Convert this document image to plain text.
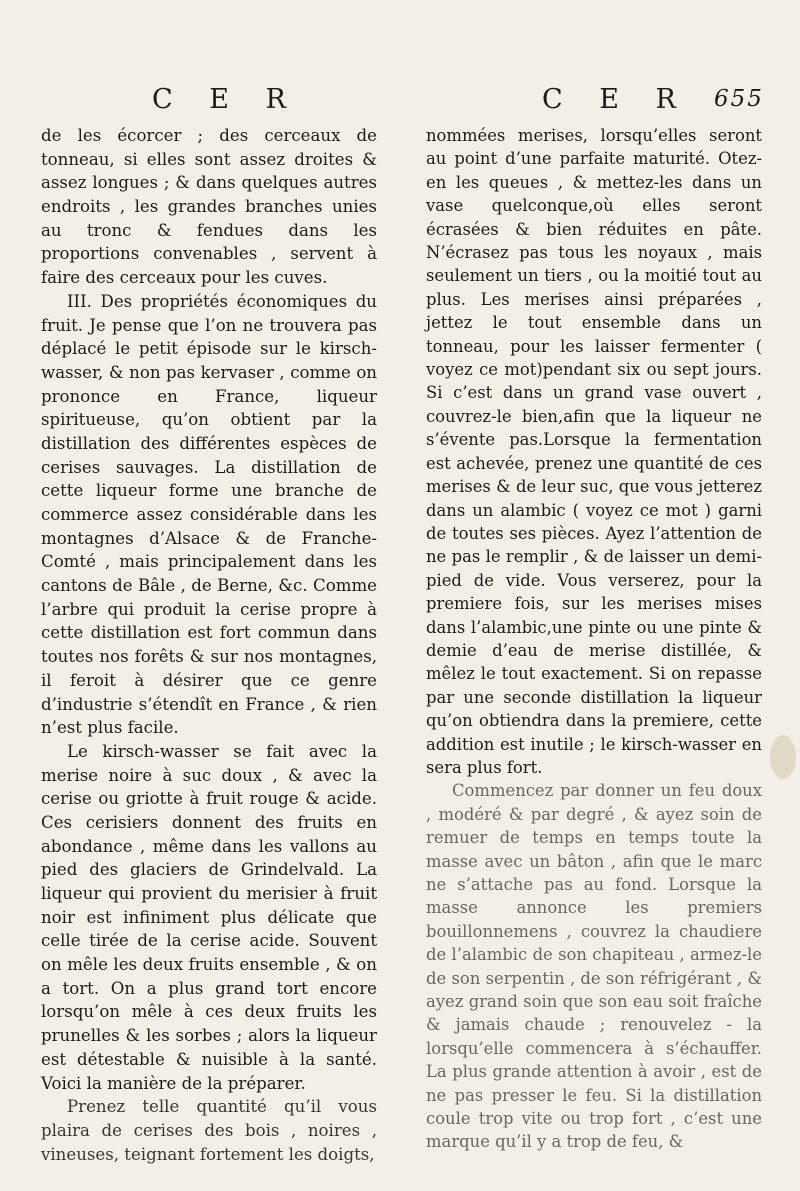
C E R	C E R 655

de les écorcer ; des cerceaux de tonneau, si elles sont assez droites & assez longues ; & dans quelques autres endroits , les grandes branches unies au tronc & fendues dans les proportions convenables , servent à faire des cerceaux pour les cuves.

III. Des propriétés économiques du fruit. Je pense que l’on ne trouvera pas déplacé le petit épisode sur le kirsch-wasser, & non pas kervaser , comme on prononce en France, liqueur spiritueuse, qu’on obtient par la distillation des différentes espèces de cerises sauvages. La distillation de cette liqueur forme une branche de commerce assez considérable dans les montagnes d’Alsace & de Franche-Comté , mais principalement dans les cantons de Bâle , de Berne, &c. Comme l’arbre qui produit la cerise propre à cette distillation est fort commun dans toutes nos forêts & sur nos montagnes, il feroit à désirer que ce genre d’industrie s’étendît en France , & rien n’est plus facile.

Le kirsch-wasser se fait avec la merise noire à suc doux , & avec la cerise ou griotte à fruit rouge & acide. Ces cerisiers donnent des fruits en abondance , même dans les vallons au pied des glaciers de Grindelvald. La liqueur qui provient du merisier à fruit noir est infiniment plus délicate que celle tirée de la cerise acide. Souvent on mêle les deux fruits ensemble , & on a tort. On a plus grand tort encore lorsqu’on mêle à ces deux fruits les prunelles & les sorbes ; alors la liqueur est détestable & nuisible à la santé. Voici la manière de la préparer.

Prenez telle quantité qu’il vous plaira de cerises des bois , noires , vineuses, teignant fortement les doigts,

nommées merises, lorsqu’elles seront au point d’une parfaite maturité. Otez-en les queues , & mettez-les dans un vase quelconque,où elles seront écrasées & bien réduites en pâte. N’écrasez pas tous les noyaux , mais seulement un tiers , ou la moitié tout au plus. Les merises ainsi préparées , jettez le tout ensemble dans un tonneau, pour les laisser fermenter ( voyez ce mot)pendant six ou sept jours. Si c’est dans un grand vase ouvert , couvrez-le bien,afin que la liqueur ne s’évente pas.Lorsque la fermentation est achevée, prenez une quantité de ces merises & de leur suc, que vous jetterez dans un alambic ( voyez ce mot ) garni de toutes ses pièces. Ayez l’attention de ne pas le remplir , & de laisser un demi-pied de vide. Vous verserez, pour la premiere fois, sur les merises mises dans l’alambic,une pinte ou une pinte & demie d’eau de merise distillée, & mêlez le tout exactement. Si on repasse par une seconde distillation la liqueur qu’on obtiendra dans la premiere, cette addition est inutile ; le kirsch-wasser en sera plus fort.

Commencez par donner un feu doux , modéré & par degré , & ayez soin de remuer de temps en temps toute la masse avec un bâton , afin que le marc ne s’attache pas au fond. Lorsque la masse annonce les premiers bouillonnemens , couvrez la chaudiere de l’alambic de son chapiteau , armez-le de son serpentin , de son réfrigérant , & ayez grand soin que son eau soit fraîche & jamais chaude ; renouvelez - la lorsqu’elle commencera à s’échauffer. La plus grande attention à avoir , est de ne pas presser le feu. Si la distillation coule trop vite ou trop fort , c’est une marque qu’il y a trop de feu, &
